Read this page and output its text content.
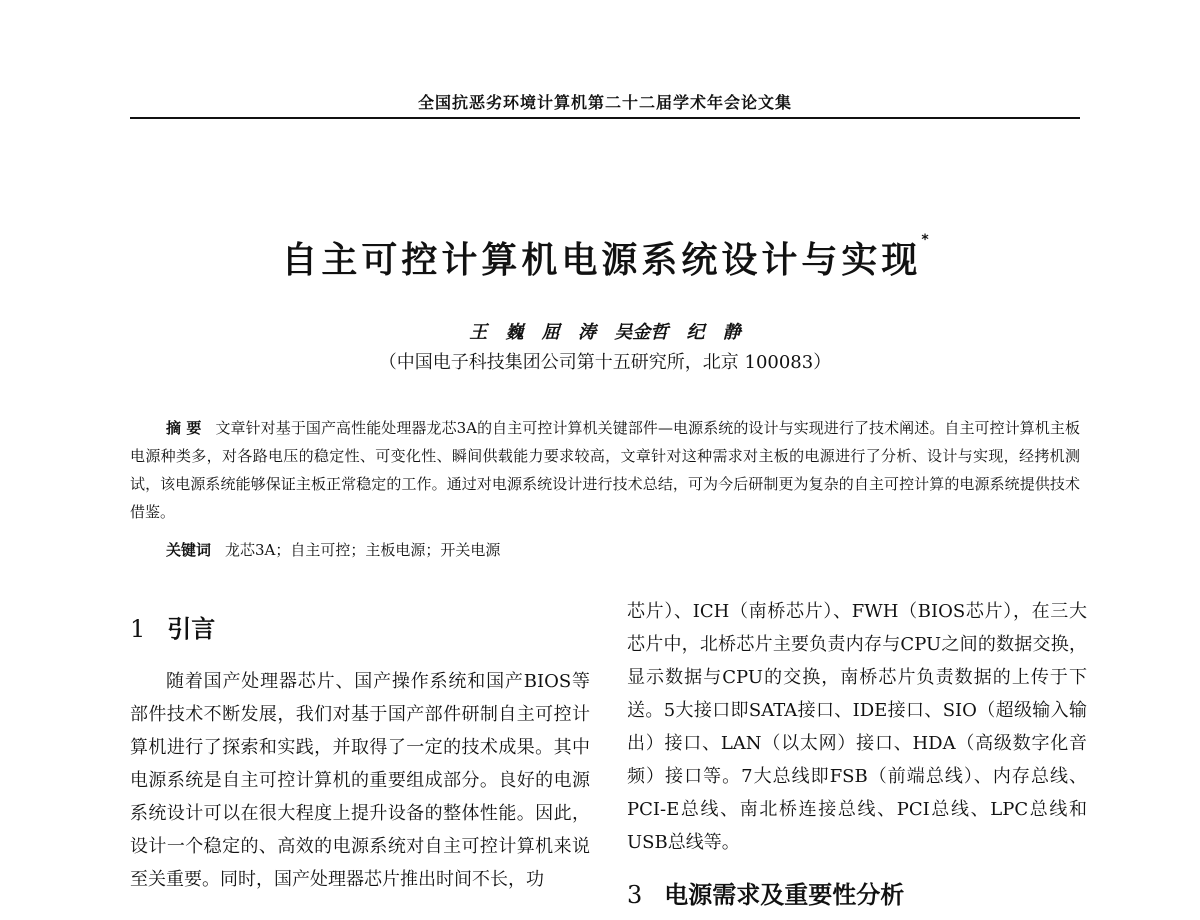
全国抗恶劣环境计算机第二十二届学术年会论文集
自主可控计算机电源系统设计与实现*
王 巍 屈 涛 吴金哲 纪 静
（中国电子科技集团公司第十五研究所，北京 100083）

摘 要 文章针对基于国产高性能处理器龙芯3A的自主可控计算机关键部件—电源系统的设计与实现进行了技术阐述。自主可控计算机主板电源种类多，对各路电压的稳定性、可变化性、瞬间供载能力要求较高，文章针对这种需求对主板的电源进行了分析、设计与实现，经拷机测试，该电源系统能够保证主板正常稳定的工作。通过对电源系统设计进行技术总结，可为今后研制更为复杂的自主可控计算的电源系统提供技术借鉴。

关键词 龙芯3A；自主可控；主板电源；开关电源
1 引言

随着国产处理器芯片、国产操作系统和国产BIOS等部件技术不断发展，我们对基于国产部件研制自主可控计算机进行了探索和实践，并取得了一定的技术成果。其中电源系统是自主可控计算机的重要组成部分。良好的电源系统设计可以在很大程度上提升设备的整体性能。因此，设计一个稳定的、高效的电源系统对自主可控计算机来说至关重要。同时，国产处理器芯片推出时间不长，功

芯片）、ICH（南桥芯片）、FWH（BIOS芯片），在三大芯片中，北桥芯片主要负责内存与CPU之间的数据交换，显示数据与CPU的交换，南桥芯片负责数据的上传于下送。5大接口即SATA接口、IDE接口、SIO（超级输入输出）接口、LAN（以太网）接口、HDA（高级数字化音频）接口等。7大总线即FSB（前端总线）、内存总线、PCI-E总线、南北桥连接总线、PCI总线、LPC总线和USB总线等。

3 电源需求及重要性分析
